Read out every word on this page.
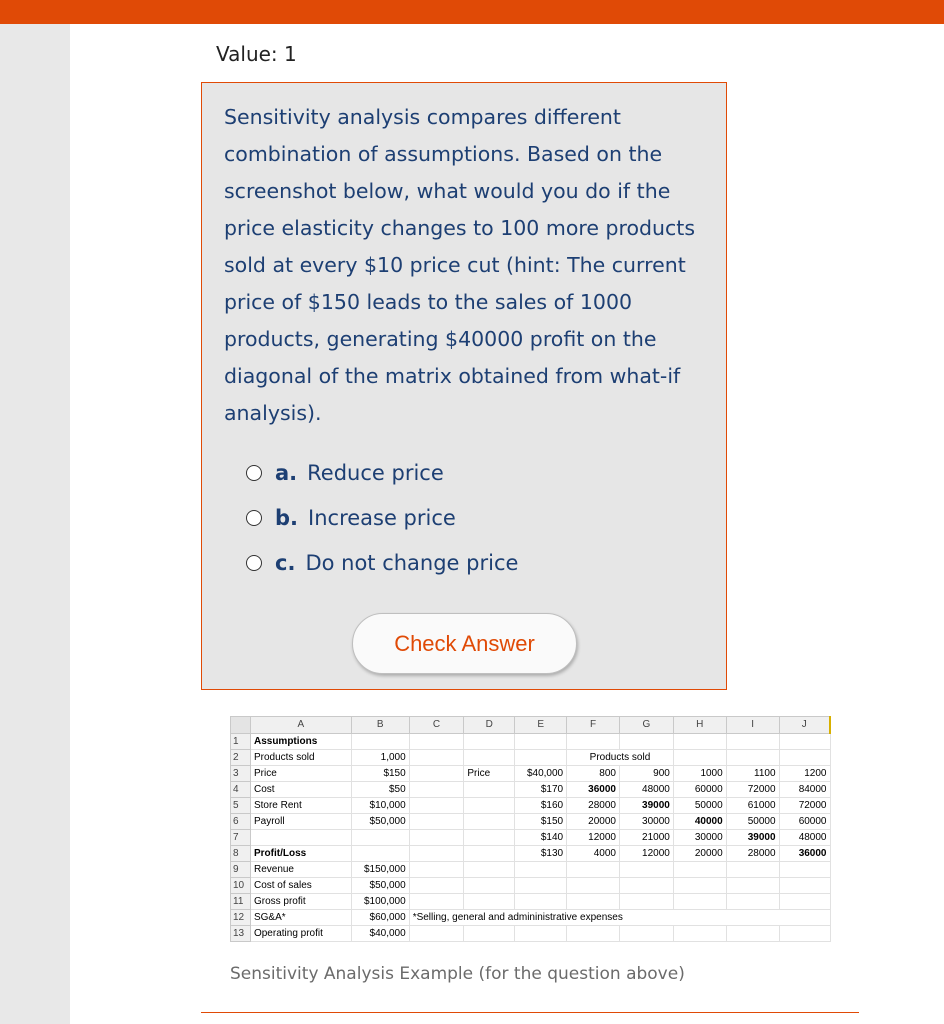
Value: 1

Sensitivity analysis compares different combination of assumptions. Based on the screenshot below, what would you do if the price elasticity changes to 100 more products sold at every $10 price cut (hint: The current price of $150 leads to the sales of 1000 products, generating $40000 profit on the diagonal of the matrix obtained from what-if analysis).

a. Reduce price
b. Increase price
c. Do not change price
Check Answer
	A	B	C	D	E	F	G	H	I	J
1	Assumptions									
2	Products sold	1,000				Products sold				
3	Price	$150		Price	$40,000	800	900	1000	1100	1200
4	Cost	$50			$170	36000	48000	60000	72000	84000
5	Store Rent	$10,000			$160	28000	39000	50000	61000	72000
6	Payroll	$50,000			$150	20000	30000	40000	50000	60000
7					$140	12000	21000	30000	39000	48000
8	Profit/Loss				$130	4000	12000	20000	28000	36000
9	Revenue	$150,000								
10	Cost of sales	$50,000								
11	Gross profit	$100,000								
12	SG&A*	$60,000	*Selling, general and admininistrative expenses							
13	Operating profit	$40,000								
Sensitivity Analysis Example (for the question above)
